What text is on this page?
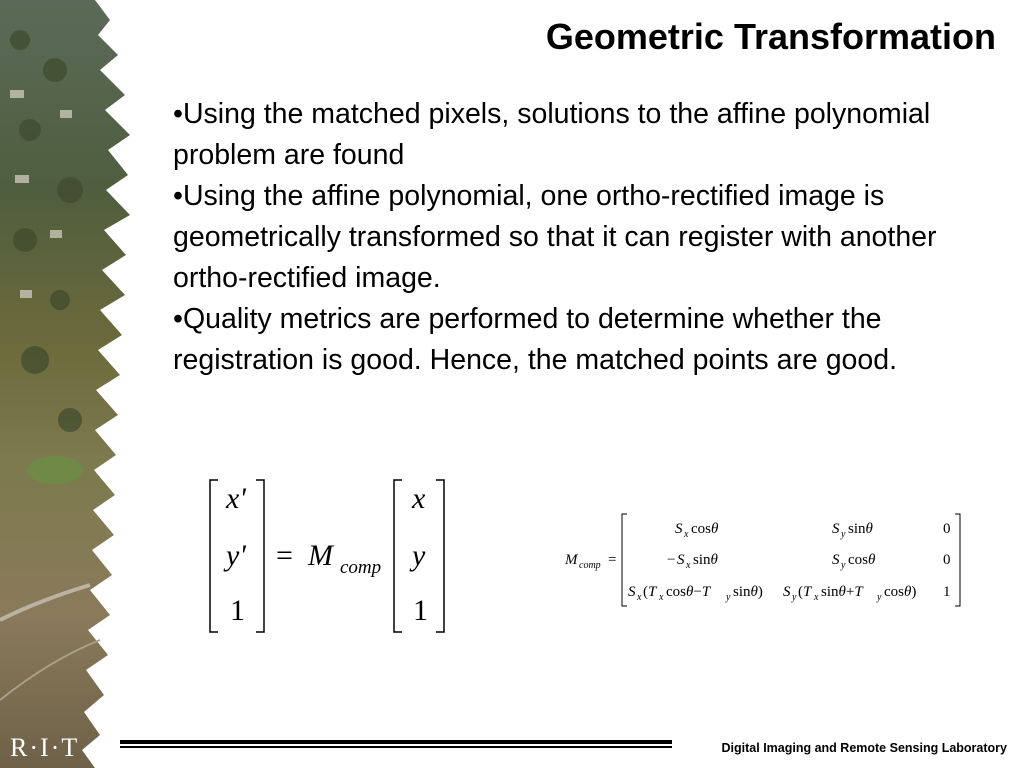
R·I·T
Geometric Transformation

•Using the matched pixels, solutions to the affine polynomial problem are found

•Using the affine polynomial, one ortho-rectified image is geometrically transformed so that it can register with another ortho-rectified image.

•Quality metrics are performed to determine whether the registration is good. Hence, the matched points are good.

x'
y'
1
= M comp
x
y
1
M comp =
S x cosθ	S y sinθ	0
− S x sinθ	S y cosθ	0
S x (T x cosθ−T y sinθ) S y (T x sinθ+T y cosθ) 1
Digital Imaging and Remote Sensing Laboratory
